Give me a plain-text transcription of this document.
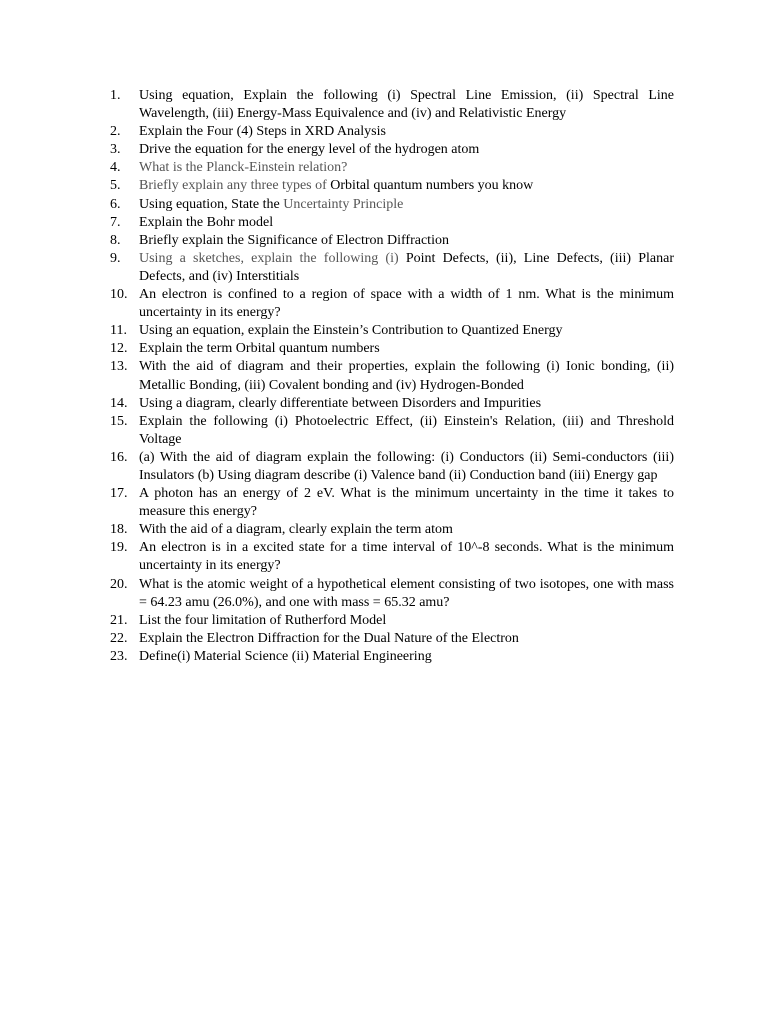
1.	Using equation, Explain the following (i) Spectral Line Emission, (ii) Spectral Line Wavelength, (iii) Energy-Mass Equivalence and (iv) and Relativistic Energy
2.	Explain the Four (4) Steps in XRD Analysis
3.	Drive the equation for the energy level of the hydrogen atom
4.	What is the Planck-Einstein relation?
5.	Briefly explain any three types of Orbital quantum numbers you know
6.	Using equation, State the Uncertainty Principle
7.	Explain the Bohr model
8.	Briefly explain the Significance of Electron Diffraction
9.	Using a sketches, explain the following (i) Point Defects, (ii), Line Defects, (iii) Planar Defects, and (iv) Interstitials
10. An electron is confined to a region of space with a width of 1 nm. What is the minimum uncertainty in its energy?
11. Using an equation, explain the Einstein’s Contribution to Quantized Energy
12. Explain the term Orbital quantum numbers
13. With the aid of diagram and their properties, explain the following (i) Ionic bonding, (ii) Metallic Bonding, (iii) Covalent bonding and (iv) Hydrogen-Bonded
14. Using a diagram, clearly differentiate between Disorders and Impurities
15. Explain the following (i) Photoelectric Effect, (ii) Einstein's Relation, (iii) and Threshold Voltage
16. (a) With the aid of diagram explain the following: (i) Conductors (ii) Semi-conductors (iii) Insulators (b) Using diagram describe (i) Valence band (ii) Conduction band (iii) Energy gap
17. A photon has an energy of 2 eV. What is the minimum uncertainty in the time it takes to measure this energy?
18. With the aid of a diagram, clearly explain the term atom
19. An electron is in a excited state for a time interval of 10^-8 seconds. What is the minimum uncertainty in its energy?
20. What is the atomic weight of a hypothetical element consisting of two isotopes, one with mass = 64.23 amu (26.0%), and one with mass = 65.32 amu?
21. List the four limitation of Rutherford Model
22. Explain the Electron Diffraction for the Dual Nature of the Electron
23. Define(i) Material Science (ii) Material Engineering
